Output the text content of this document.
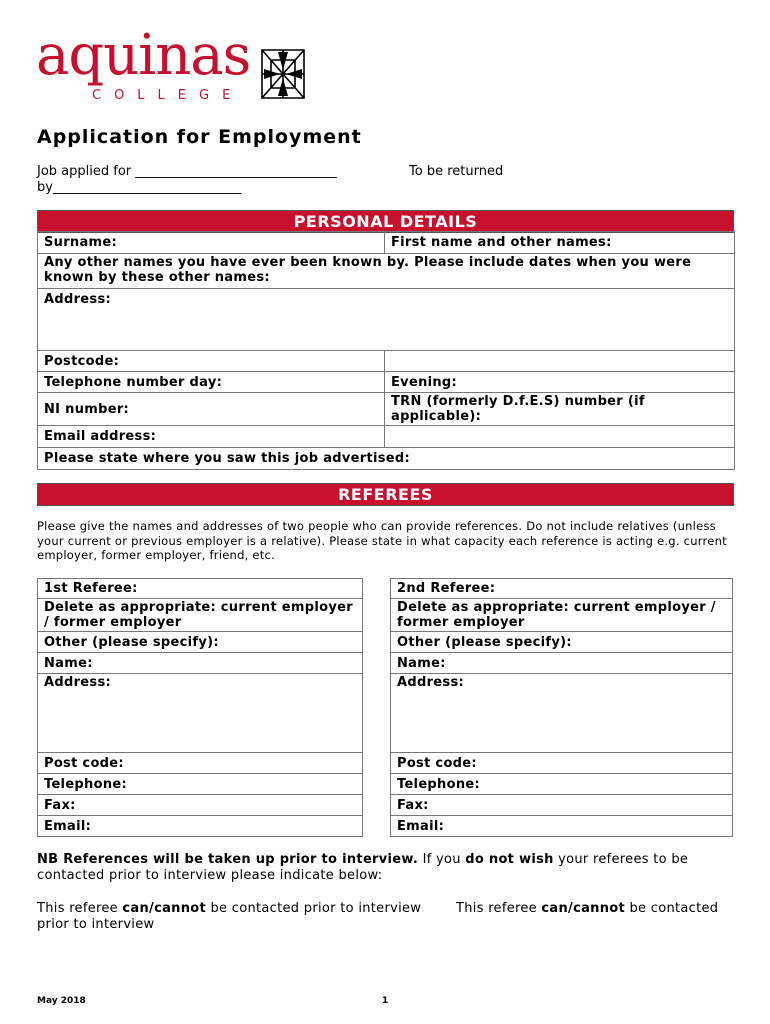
aquinas
COLLEGE
Application for Employment
Job applied for _______________________________	To be returned
by_____________________________
PERSONAL DETAILS
Surname:	First name and other names:
Any other names you have ever been known by. Please include dates when you were known by these other names:	
Address:	
Postcode:	
Telephone number day:	Evening:
NI number:	TRN (formerly D.f.E.S) number (if applicable):
Email address:	
Please state where you saw this job advertised:	
REFEREES
Please give the names and addresses of two people who can provide references. Do not include relatives (unless your current or previous employer is a relative). Please state in what capacity each reference is acting e.g. current employer, former employer, friend, etc.
1st Referee:
Delete as appropriate: current employer / former employer
Other (please specify):
Name:
Address:
Post code:
Telephone:
Fax:
Email:
2nd Referee:
Delete as appropriate: current employer / former employer
Other (please specify):
Name:
Address:
Post code:
Telephone:
Fax:
Email:
NB References will be taken up prior to interview. If you do not wish your referees to be contacted prior to interview please indicate below:
This referee can/cannot be contacted prior to interview	This referee can/cannot be contacted
prior to interview
May 2018	1
